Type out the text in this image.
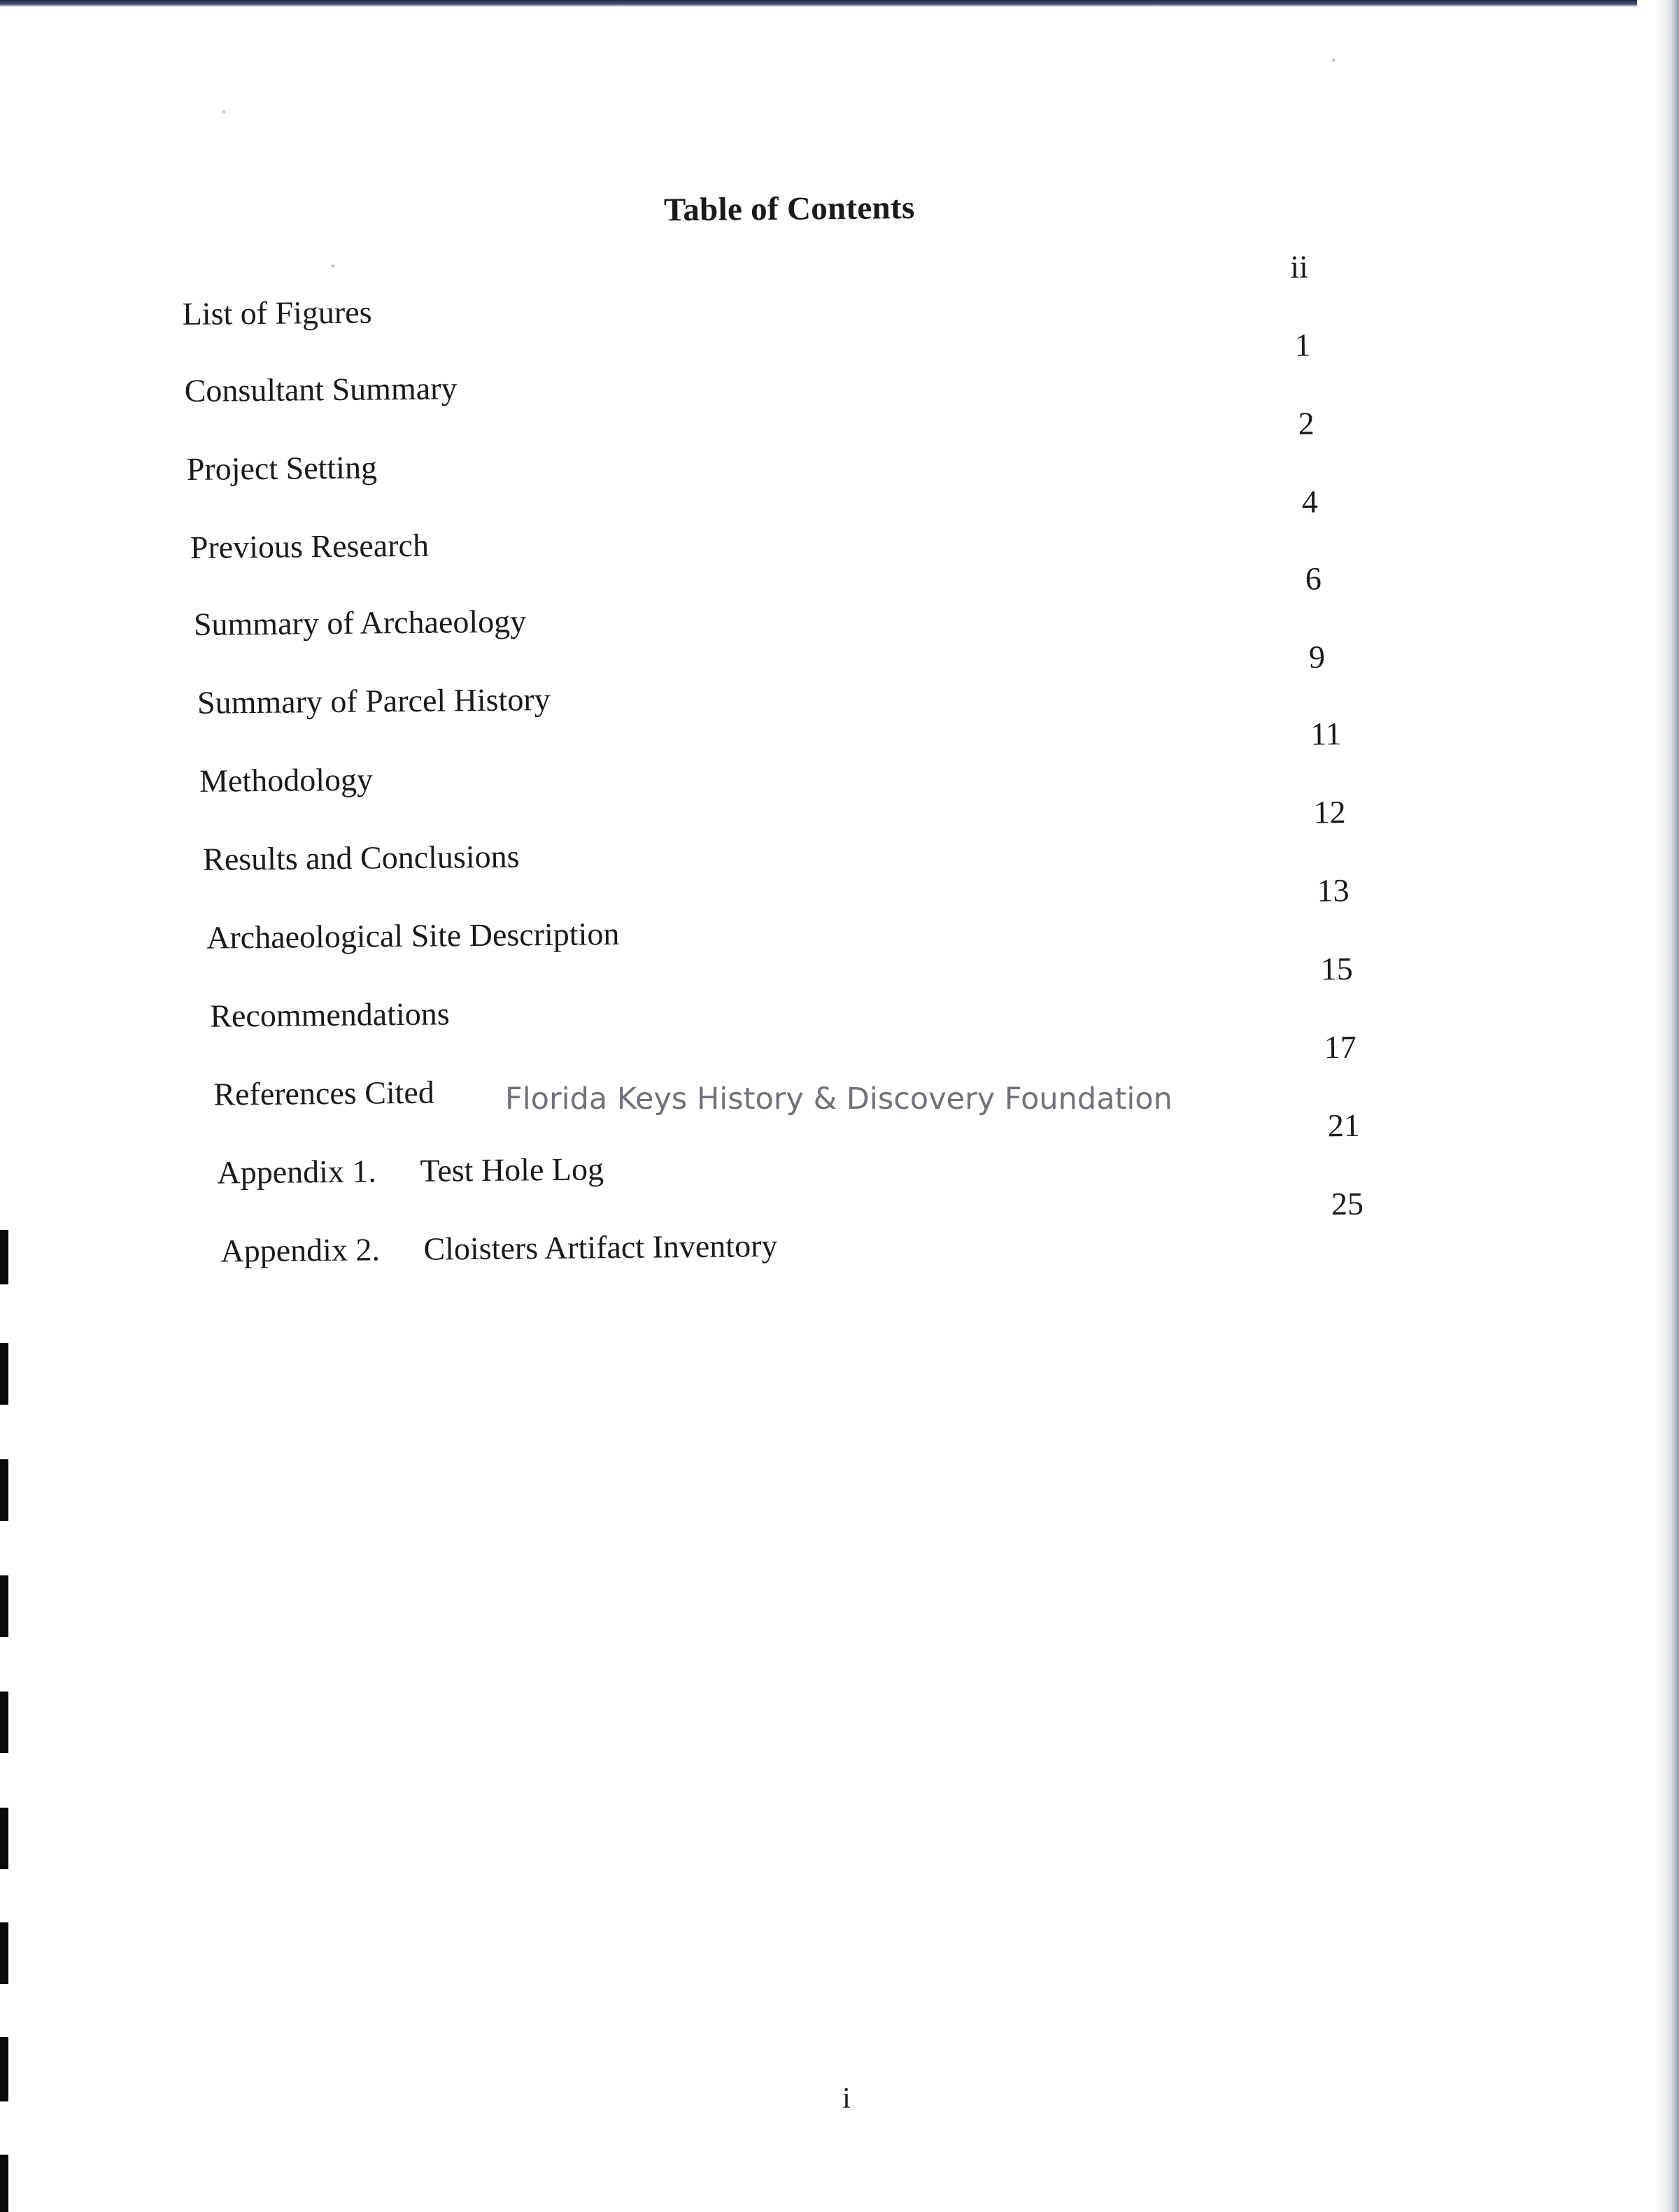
Table of Contents
List of Figures
ii
Consultant Summary
1
Project Setting
2
Previous Research
4
Summary of Archaeology
6
Summary of Parcel History
9
Methodology
11
Results and Conclusions
12
Archaeological Site Description
13
Recommendations
15
References Cited
17
Appendix 1. Test Hole Log
21
Appendix 2. Cloisters Artifact Inventory
25
Florida Keys History & Discovery Foundation
i
